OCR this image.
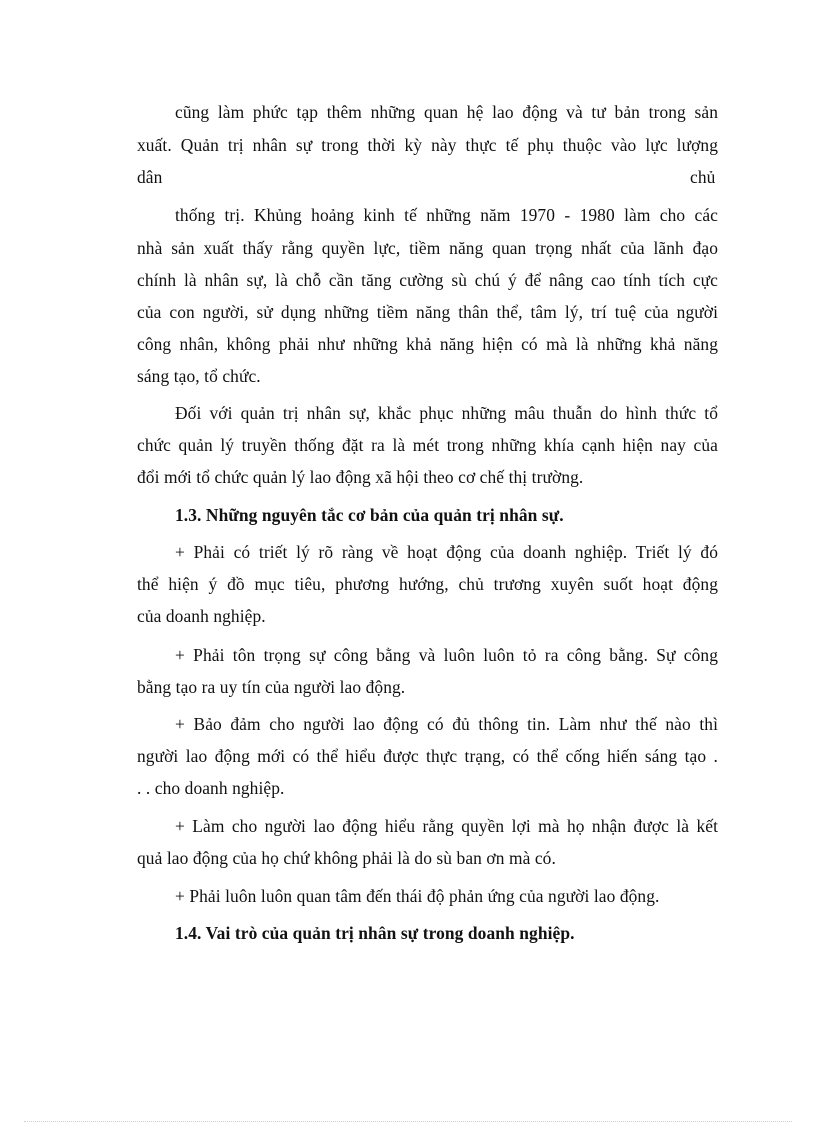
cũng làm phức tạp thêm những quan hệ lao động và tư bản trong sản
xuất. Quản trị nhân sự trong thời kỳ này thực tế phụ thuộc vào lực lượng
dân	chủ
thống trị. Khủng hoảng kinh tế những năm 1970 - 1980 làm cho các
nhà sản xuất thấy rằng quyền lực, tiềm năng quan trọng nhất của lãnh đạo
chính là nhân sự, là chỗ cần tăng cường sù chú ý để nâng cao tính tích cực
của con người, sử dụng những tiềm năng thân thể, tâm lý, trí tuệ của người
công nhân, không phải như những khả năng hiện có mà là những khả năng
sáng tạo, tổ chức.
Đối với quản trị nhân sự, khắc phục những mâu thuẫn do hình thức tổ
chức quản lý truyền thống đặt ra là mét trong những khía cạnh hiện nay của
đổi mới tổ chức quản lý lao động xã hội theo cơ chế thị trường.
1.3. Những nguyên tắc cơ bản của quản trị nhân sự.
+ Phải có triết lý rõ ràng về hoạt động của doanh nghiệp. Triết lý đó
thể hiện ý đồ mục tiêu, phương hướng, chủ trương xuyên suốt hoạt động
của doanh nghiệp.
+ Phải tôn trọng sự công bằng và luôn luôn tỏ ra công bằng. Sự công
bằng tạo ra uy tín của người lao động.
+ Bảo đảm cho người lao động có đủ thông tin. Làm như thế nào thì
người lao động mới có thể hiểu được thực trạng, có thể cống hiến sáng tạo .
. . cho doanh nghiệp.
+ Làm cho người lao động hiểu rằng quyền lợi mà họ nhận được là kết
quả lao động của họ chứ không phải là do sù ban ơn mà có.
+ Phải luôn luôn quan tâm đến thái độ phản ứng của người lao động.
1.4. Vai trò của quản trị nhân sự trong doanh nghiệp.
